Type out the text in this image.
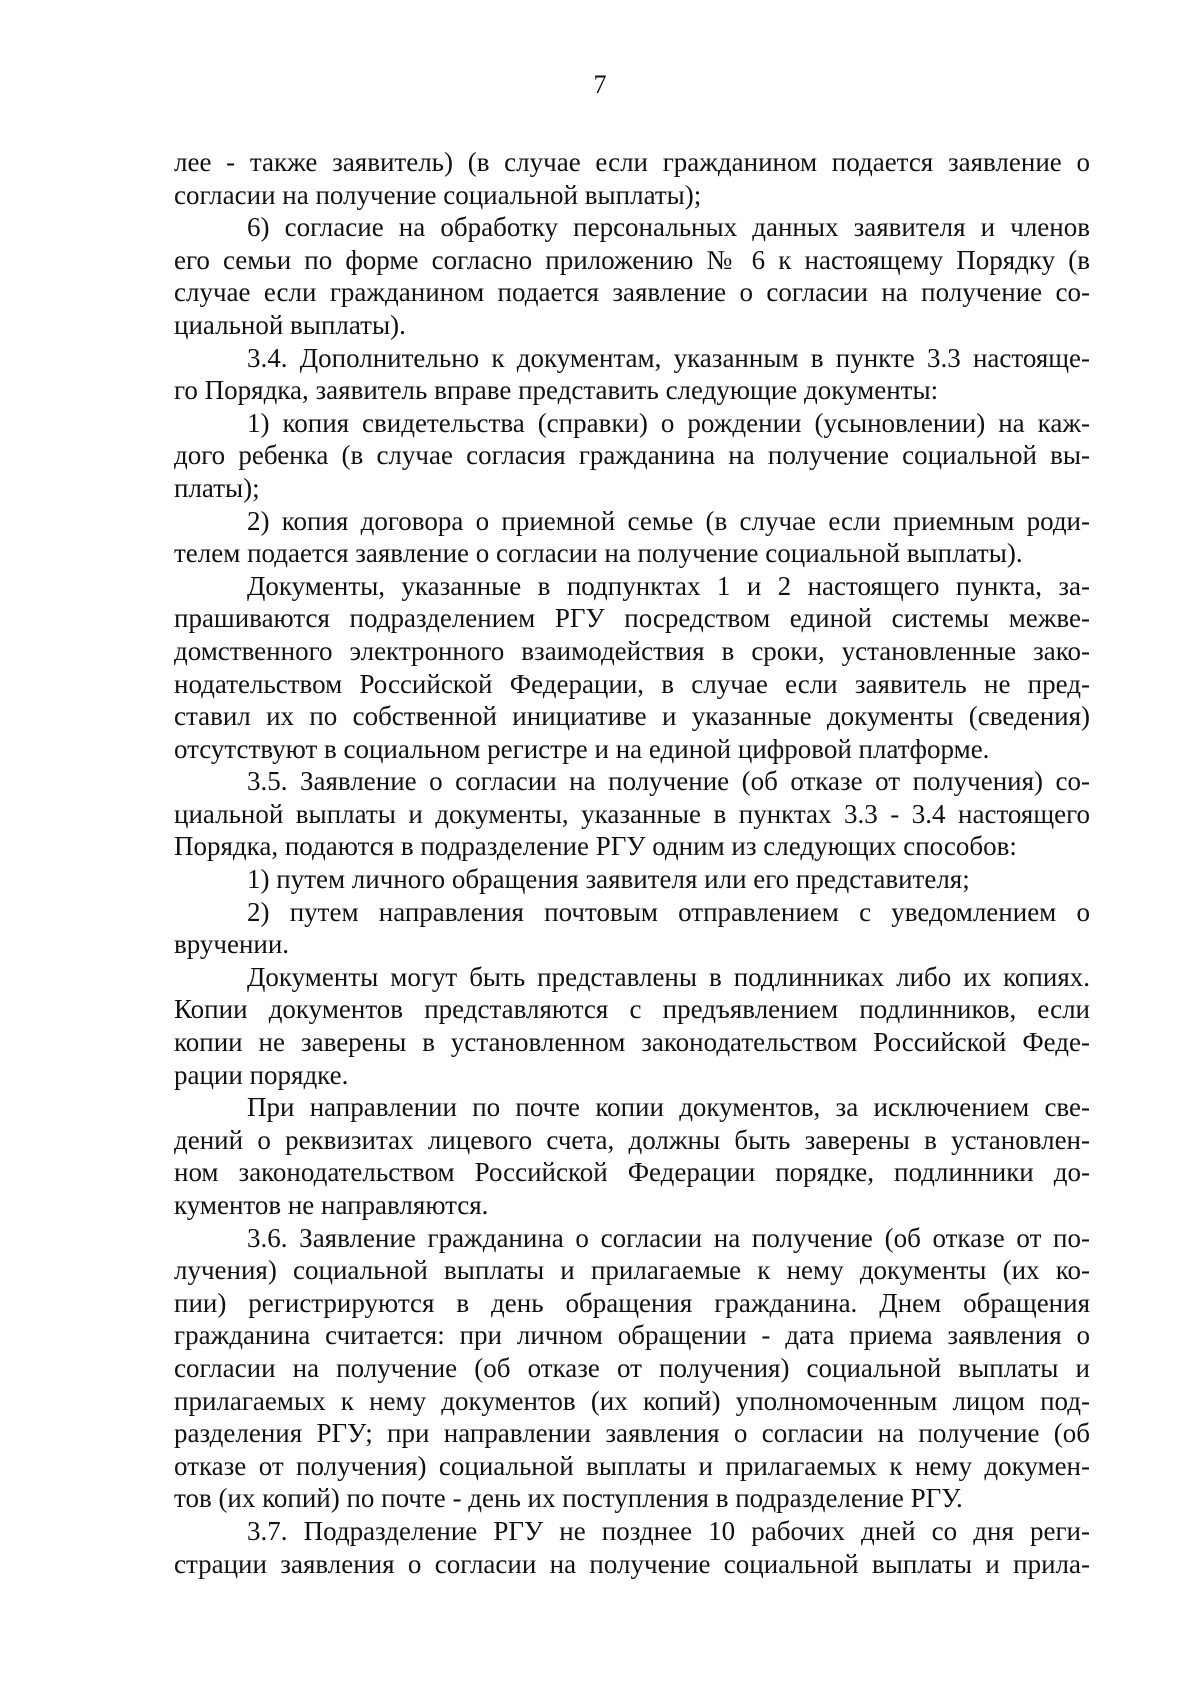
7
лее - также заявитель) (в случае если гражданином подается заявление о
согласии на получение социальной выплаты);
6) согласие на обработку персональных данных заявителя и членов
его семьи по форме согласно приложению № 6 к настоящему Порядку (в
случае если гражданином подается заявление о согласии на получение со-
циальной выплаты).
3.4. Дополнительно к документам, указанным в пункте 3.3 настояще-
го Порядка, заявитель вправе представить следующие документы:
1) копия свидетельства (справки) о рождении (усыновлении) на каж-
дого ребенка (в случае согласия гражданина на получение социальной вы-
платы);
2) копия договора о приемной семье (в случае если приемным роди-
телем подается заявление о согласии на получение социальной выплаты).
Документы, указанные в подпунктах 1 и 2 настоящего пункта, за-
прашиваются подразделением РГУ посредством единой системы межве-
домственного электронного взаимодействия в сроки, установленные зако-
нодательством Российской Федерации, в случае если заявитель не пред-
ставил их по собственной инициативе и указанные документы (сведения)
отсутствуют в социальном регистре и на единой цифровой платформе.
3.5. Заявление о согласии на получение (об отказе от получения) со-
циальной выплаты и документы, указанные в пунктах 3.3 - 3.4 настоящего
Порядка, подаются в подразделение РГУ одним из следующих способов:
1) путем личного обращения заявителя или его представителя;
2) путем направления почтовым отправлением с уведомлением о
вручении.
Документы могут быть представлены в подлинниках либо их копиях.
Копии документов представляются с предъявлением подлинников, если
копии не заверены в установленном законодательством Российской Феде-
рации порядке.
При направлении по почте копии документов, за исключением све-
дений о реквизитах лицевого счета, должны быть заверены в установлен-
ном законодательством Российской Федерации порядке, подлинники до-
кументов не направляются.
3.6. Заявление гражданина о согласии на получение (об отказе от по-
лучения) социальной выплаты и прилагаемые к нему документы (их ко-
пии) регистрируются в день обращения гражданина. Днем обращения
гражданина считается: при личном обращении - дата приема заявления о
согласии на получение (об отказе от получения) социальной выплаты и
прилагаемых к нему документов (их копий) уполномоченным лицом под-
разделения РГУ; при направлении заявления о согласии на получение (об
отказе от получения) социальной выплаты и прилагаемых к нему докумен-
тов (их копий) по почте - день их поступления в подразделение РГУ.
3.7. Подразделение РГУ не позднее 10 рабочих дней со дня реги-
страции заявления о согласии на получение социальной выплаты и прила-
